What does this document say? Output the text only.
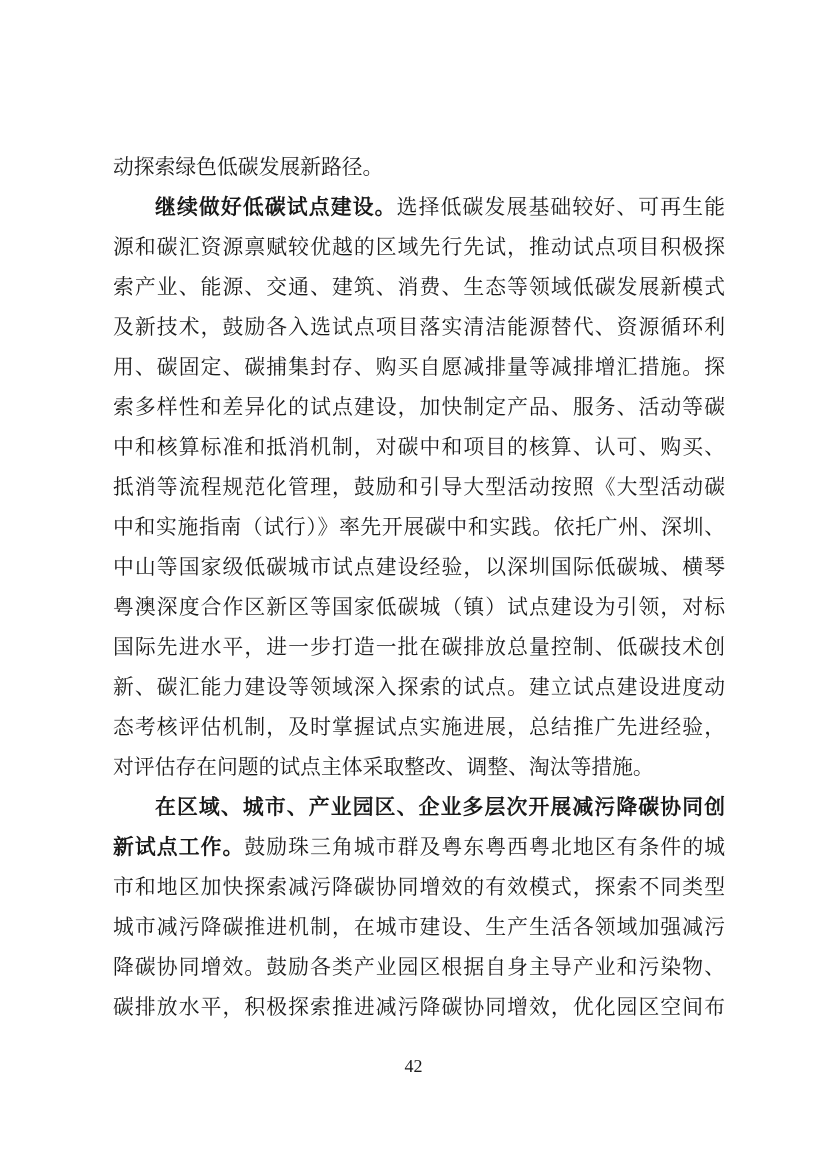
动探索绿色低碳发展新路径。
继续做好低碳试点建设。选择低碳发展基础较好、可再生能
源和碳汇资源禀赋较优越的区域先行先试，推动试点项目积极探
索产业、能源、交通、建筑、消费、生态等领域低碳发展新模式
及新技术，鼓励各入选试点项目落实清洁能源替代、资源循环利
用、碳固定、碳捕集封存、购买自愿减排量等减排增汇措施。探
索多样性和差异化的试点建设，加快制定产品、服务、活动等碳
中和核算标准和抵消机制，对碳中和项目的核算、认可、购买、
抵消等流程规范化管理，鼓励和引导大型活动按照《大型活动碳
中和实施指南（试行）》率先开展碳中和实践。依托广州、深圳、
中山等国家级低碳城市试点建设经验，以深圳国际低碳城、横琴
粤澳深度合作区新区等国家低碳城（镇）试点建设为引领，对标
国际先进水平，进一步打造一批在碳排放总量控制、低碳技术创
新、碳汇能力建设等领域深入探索的试点。建立试点建设进度动
态考核评估机制，及时掌握试点实施进展，总结推广先进经验，
对评估存在问题的试点主体采取整改、调整、淘汰等措施。
在区域、城市、产业园区、企业多层次开展减污降碳协同创
新试点工作。鼓励珠三角城市群及粤东粤西粤北地区有条件的城
市和地区加快探索减污降碳协同增效的有效模式，探索不同类型
城市减污降碳推进机制，在城市建设、生产生活各领域加强减污
降碳协同增效。鼓励各类产业园区根据自身主导产业和污染物、
碳排放水平，积极探索推进减污降碳协同增效，优化园区空间布
42
